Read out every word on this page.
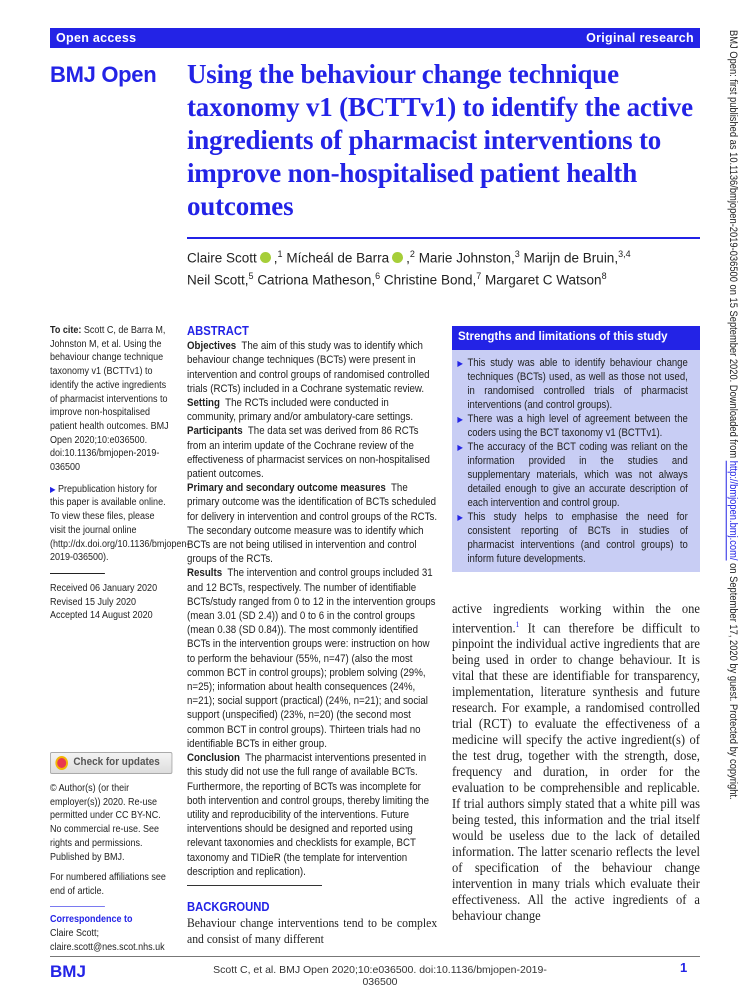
Open access	Original research
BMJ Open Using the behaviour change technique taxonomy v1 (BCTTv1) to identify the active ingredients of pharmacist interventions to improve non-hospitalised patient health outcomes
Claire Scott ,$^1$ Mícheál de Barra ,$^2$ Marie Johnston,$^3$ Marijn de Bruin,$^{3,4}$
Neil Scott,$^5$ Catriona Matheson,$^6$ Christine Bond,$^7$ Margaret C Watson$^8$

To cite: Scott C, de Barra M, Johnston M, et al. Using the behaviour change technique taxonomy v1 (BCTTv1) to identify the active ingredients of pharmacist interventions to improve non-hospitalised patient health outcomes. BMJ Open 2020;10:e036500. doi:10.1136/bmjopen-2019-036500

▶ Prepublication history for this paper is available online. To view these files, please visit the journal online (http://dx.doi.org/10.1136/bmjopen-2019-036500).

Received 06 January 2020
Revised 15 July 2020
Accepted 14 August 2020
Check for updates

© Author(s) (or their employer(s)) 2020. Re-use permitted under CC BY-NC. No commercial re-use. See rights and permissions. Published by BMJ.

For numbered affiliations see end of article.

Correspondence to
Claire Scott;
claire.scott@nes.scot.nhs.uk
ABSTRACT
Objectives The aim of this study was to identify which behaviour change techniques (BCTs) were present in intervention and control groups of randomised controlled trials (RCTs) included in a Cochrane systematic review.
Setting The RCTs included were conducted in community, primary and/or ambulatory-care settings.
Participants The data set was derived from 86 RCTs from an interim update of the Cochrane review of the effectiveness of pharmacist services on non-hospitalised patient outcomes.
Primary and secondary outcome measures The primary outcome was the identification of BCTs scheduled for delivery in intervention and control groups of the RCTs. The secondary outcome measure was to identify which BCTs are not being utilised in intervention and control groups of the RCTs.
Results The intervention and control groups included 31 and 12 BCTs, respectively. The number of identifiable BCTs/study ranged from 0 to 12 in the intervention groups (mean 3.01 (SD 2.4)) and 0 to 6 in the control groups (mean 0.38 (SD 0.84)). The most commonly identified BCTs in the intervention groups were: instruction on how to perform the behaviour (55%, n=47) (also the most common BCT in control groups); problem solving (29%, n=25); information about health consequences (24%, n=21); social support (practical) (24%, n=21); and social support (unspecified) (23%, n=20) (the second most common BCT in control groups). Thirteen trials had no identifiable BCTs in either group.
Conclusion The pharmacist interventions presented in this study did not use the full range of available BCTs. Furthermore, the reporting of BCTs was incomplete for both intervention and control groups, thereby limiting the utility and reproducibility of the interventions. Future interventions should be designed and reported using relevant taxonomies and checklists for example, BCT taxonomy and TIDieR (the template for intervention description and replication).
BACKGROUND
Behaviour change interventions tend to be complex and consist of many different
Strengths and limitations of this study
▶ This study was able to identify behaviour change techniques (BCTs) used, as well as those not used, in randomised controlled trials of pharmacist interventions (and control groups).
▶ There was a high level of agreement between the coders using the BCT taxonomy v1 (BCTTv1).
▶ The accuracy of the BCT coding was reliant on the information provided in the studies and supplementary materials, which was not always detailed enough to give an accurate description of each intervention and control group.
▶ This study helps to emphasise the need for consistent reporting of BCTs in studies of pharmacist interventions (and control groups) to inform future developments.
active ingredients working within the one intervention.$^1$ It can therefore be difficult to pinpoint the individual active ingredients that are being used in order to change behaviour. It is vital that these are identifiable for transparency, implementation, literature synthesis and future research. For example, a randomised controlled trial (RCT) to evaluate the effectiveness of a medicine will specify the active ingredient(s) of the test drug, together with the strength, dose, frequency and duration, in order for the evaluation to be comprehensible and replicable. If trial authors simply stated that a white pill was being tested, this information and the trial itself would be useless due to the lack of detailed information. The latter scenario reflects the level of specification of the behaviour change intervention in many trials which evaluate their effectiveness. All the active ingredients of a behaviour change
BMJ	Scott C, et al. BMJ Open 2020;10:e036500. doi:10.1136/bmjopen-2019-036500
1
BMJ Open: first published as 10.1136/bmjopen-2019-036500 on 15 September 2020. Downloaded from http://bmjopen.bmj.com/ on September 17, 2020 by guest. Protected by copyright.
